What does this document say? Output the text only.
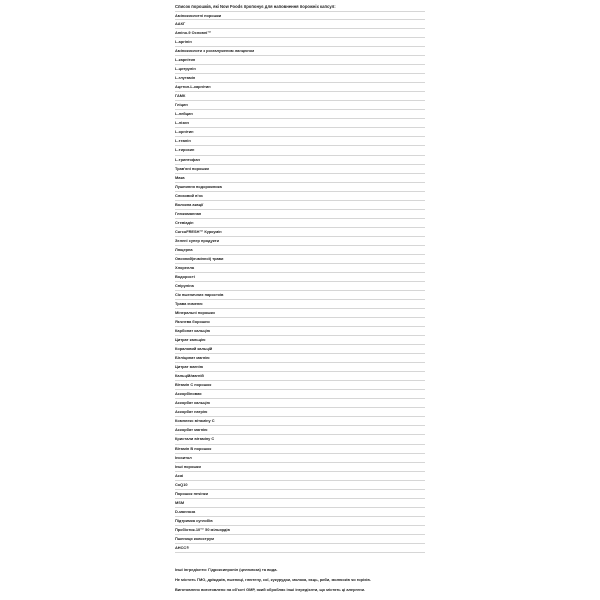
Список порошків, які Now Foods пропонує для наповнення порожніх капсул:
Амінокислотні порошки
ААКГ
Amino-9 Основні™
L-аргінін
Амінокислоти з розгалуженим ланцюгом
L-карнітин
L-цитрулін
L-глутамін
Ацетил-L-карнітин
ГАМК
Гліцин
L-лейцин
L-лізин
L-орнітин
L-теанін
L-тирозин
L-триптофан
Трав'яні порошки
Мака
Лушпиння подорожника
Слизовий в'яз
Волокна акації
Глюкоманнан
Стевіадін
CurcuFRESH™ Куркумін
Зелені супер продукти
Люцерна
Овсяний(ячмінної) трави
Хлорелла
Водорості
Спіруліна
Сік пшеничних паростків
Трава ячменю
Мінеральні порошки
Яєчнева борошно
Карбонат кальцію
Цитрат кальцію
Кораловий кальцій
Бігліцинат магнію
Цитрат магнію
Кальцій/магній
Вітамін С порошок
Аскорбіновая
Аскорбат кальцію
Аскорбат натрію
Комплекс вітаміну С
Аскорбат магнію
Кристали вітаміну С
Вітамін В порошок
Інозитол
Інші порошки
Acai
CoQ10
Порошок печінки
MSM
D-манноза
Підтримка суглобів
Пробіотик-10™ 50 мільярдів
Пшениця колострум
AHCC®
Інші інгредієнти: Гідроксипропіл (целюлоза) та вода.
Не містить ГМО, дріжджів, пшениці, глютену, сої, кукурудзи, молока, яєць, риби, молюсків чи горіхів.
Виготовлено виготовлено на об'єкті GMP, який обробляє інші інгредієнти, що містять ці алергени.
